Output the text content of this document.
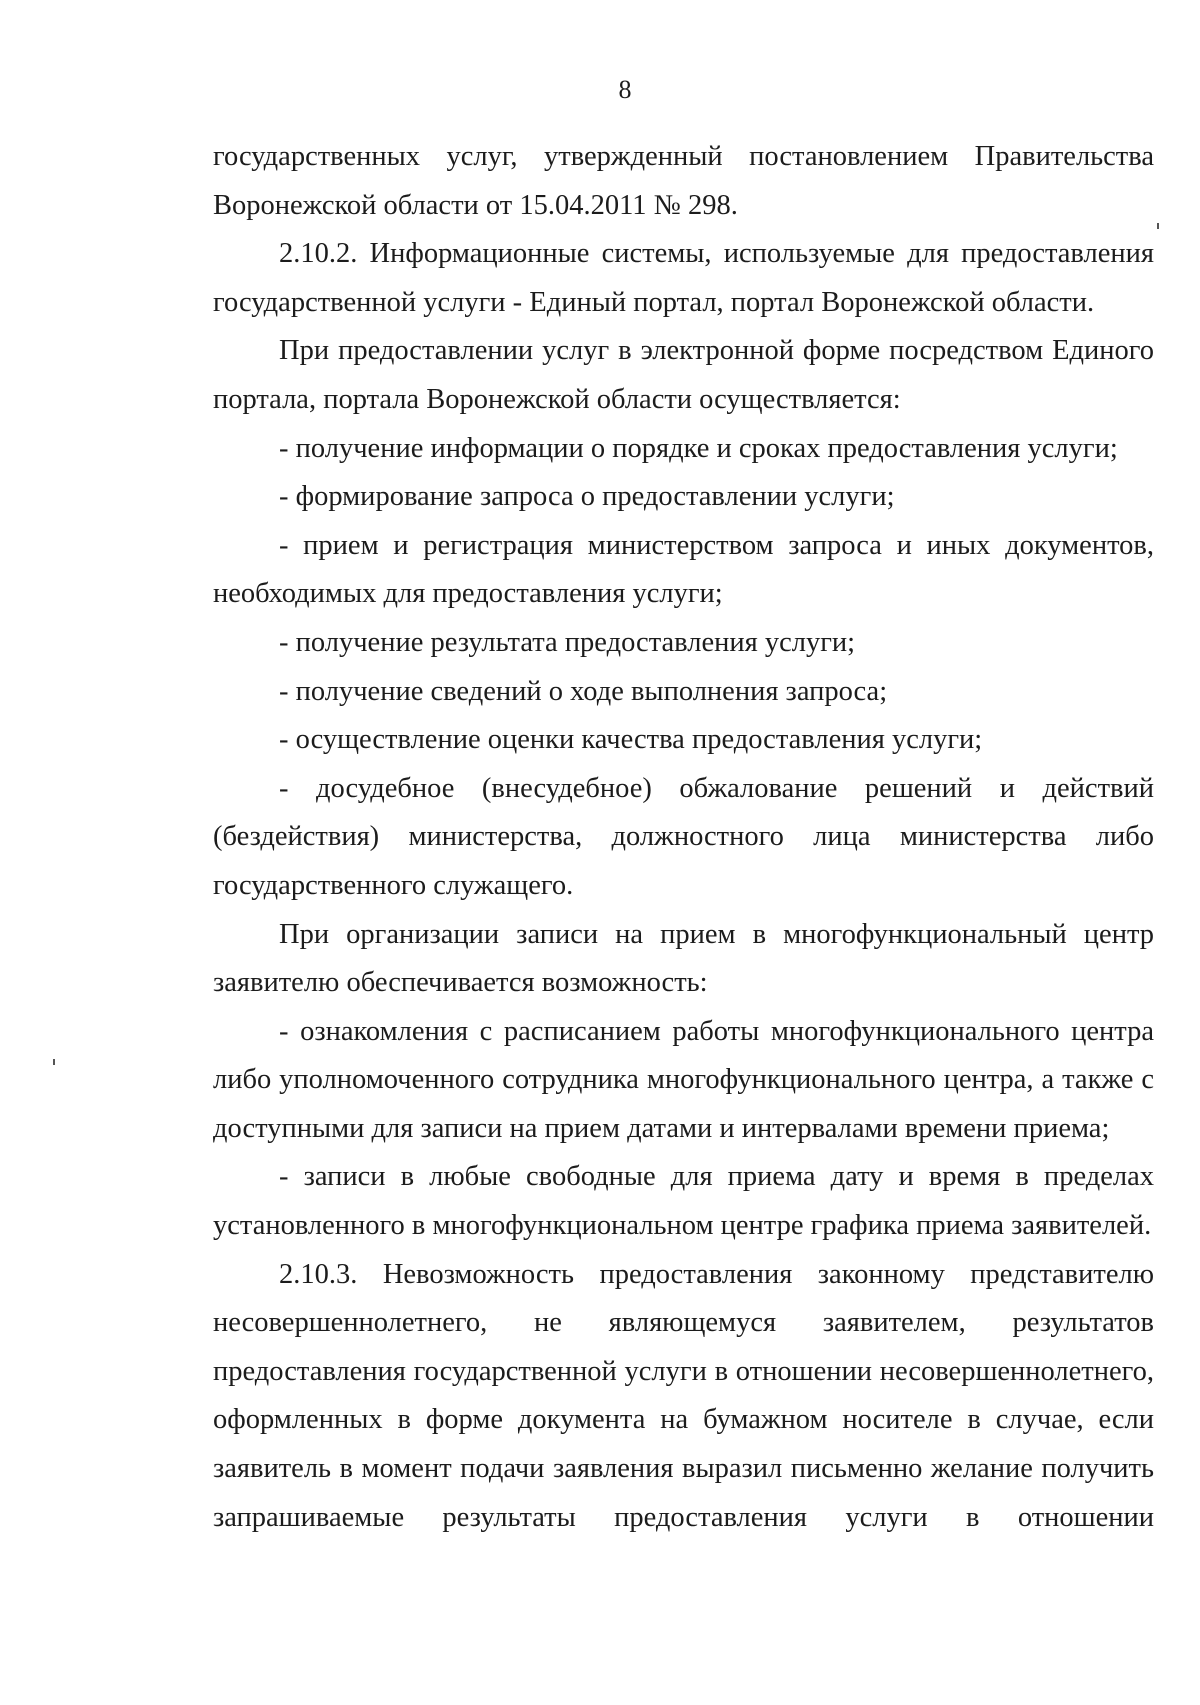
8

государственных услуг, утвержденный постановлением Правительства Воронежской области от 15.04.2011 № 298.

2.10.2. Информационные системы, используемые для предоставления государственной услуги - Единый портал, портал Воронежской области.

При предоставлении услуг в электронной форме посредством Единого портала, портала Воронежской области осуществляется:

- получение информации о порядке и сроках предоставления услуги;

- формирование запроса о предоставлении услуги;

- прием и регистрация министерством запроса и иных документов, необходимых для предоставления услуги;

- получение результата предоставления услуги;

- получение сведений о ходе выполнения запроса;

- осуществление оценки качества предоставления услуги;

- досудебное (внесудебное) обжалование решений и действий (бездействия) министерства, должностного лица министерства либо государственного служащего.

При организации записи на прием в многофункциональный центр заявителю обеспечивается возможность:

- ознакомления с расписанием работы многофункционального центра либо уполномоченного сотрудника многофункционального центра, а также с доступными для записи на прием датами и интервалами времени приема;

- записи в любые свободные для приема дату и время в пределах установленного в многофункциональном центре графика приема заявителей.

2.10.3. Невозможность предоставления законному представителю несовершеннолетнего, не являющемуся заявителем, результатов предоставления государственной услуги в отношении несовершеннолетнего, оформленных в форме документа на бумажном носителе в случае, если заявитель в момент подачи заявления выразил письменно желание получить запрашиваемые результаты предоставления услуги в отношении
